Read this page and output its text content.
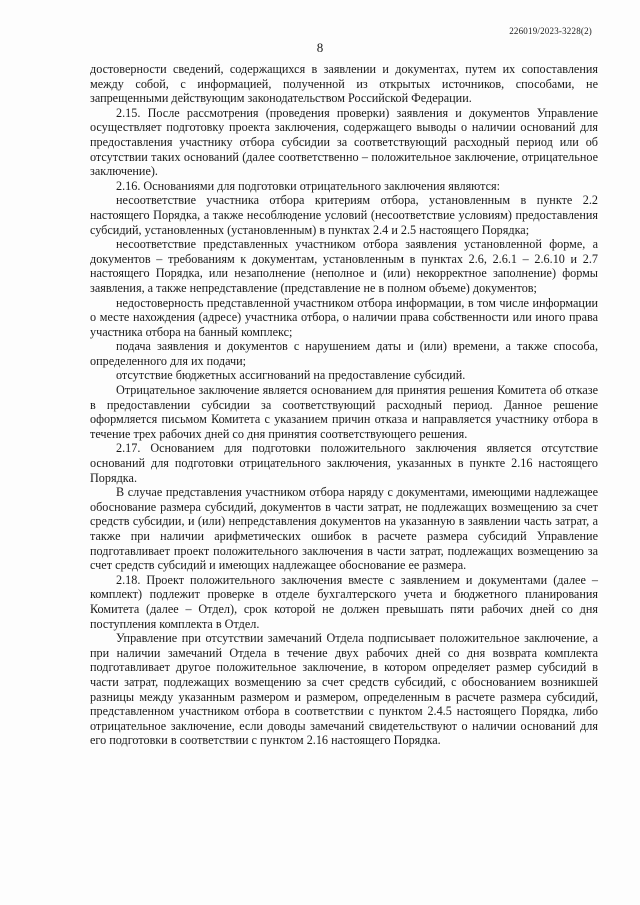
226019/2023-3228(2)
8

достоверности сведений, содержащихся в заявлении и документах, путем их сопоставления между собой, с информацией, полученной из открытых источников, способами, не запрещенными действующим законодательством Российской Федерации.

2.15. После рассмотрения (проведения проверки) заявления и документов Управление осуществляет подготовку проекта заключения, содержащего выводы о наличии оснований для предоставления участнику отбора субсидии за соответствующий расходный период или об отсутствии таких оснований (далее соответственно – положительное заключение, отрицательное заключение).

2.16. Основаниями для подготовки отрицательного заключения являются:

несоответствие участника отбора критериям отбора, установленным в пункте 2.2 настоящего Порядка, а также несоблюдение условий (несоответствие условиям) предоставления субсидий, установленных (установленным) в пунктах 2.4 и 2.5 настоящего Порядка;

несоответствие представленных участником отбора заявления установленной форме, а документов – требованиям к документам, установленным в пунктах 2.6, 2.6.1 – 2.6.10 и 2.7 настоящего Порядка, или незаполнение (неполное и (или) некорректное заполнение) формы заявления, а также непредставление (представление не в полном объеме) документов;

недостоверность представленной участником отбора информации, в том числе информации о месте нахождения (адресе) участника отбора, о наличии права собственности или иного права участника отбора на банный комплекс;

подача заявления и документов с нарушением даты и (или) времени, а также способа, определенного для их подачи;

отсутствие бюджетных ассигнований на предоставление субсидий.

Отрицательное заключение является основанием для принятия решения Комитета об отказе в предоставлении субсидии за соответствующий расходный период. Данное решение оформляется письмом Комитета с указанием причин отказа и направляется участнику отбора в течение трех рабочих дней со дня принятия соответствующего решения.

2.17. Основанием для подготовки положительного заключения является отсутствие оснований для подготовки отрицательного заключения, указанных в пункте 2.16 настоящего Порядка.

В случае представления участником отбора наряду с документами, имеющими надлежащее обоснование размера субсидий, документов в части затрат, не подлежащих возмещению за счет средств субсидии, и (или) непредставления документов на указанную в заявлении часть затрат, а также при наличии арифметических ошибок в расчете размера субсидий Управление подготавливает проект положительного заключения в части затрат, подлежащих возмещению за счет средств субсидий и имеющих надлежащее обоснование ее размера.

2.18. Проект положительного заключения вместе с заявлением и документами (далее – комплект) подлежит проверке в отделе бухгалтерского учета и бюджетного планирования Комитета (далее – Отдел), срок которой не должен превышать пяти рабочих дней со дня поступления комплекта в Отдел.

Управление при отсутствии замечаний Отдела подписывает положительное заключение, а при наличии замечаний Отдела в течение двух рабочих дней со дня возврата комплекта подготавливает другое положительное заключение, в котором определяет размер субсидий в части затрат, подлежащих возмещению за счет средств субсидий, с обоснованием возникшей разницы между указанным размером и размером, определенным в расчете размера субсидий, представленном участником отбора в соответствии с пунктом 2.4.5 настоящего Порядка, либо отрицательное заключение, если доводы замечаний свидетельствуют о наличии оснований для его подготовки в соответствии с пунктом 2.16 настоящего Порядка.
